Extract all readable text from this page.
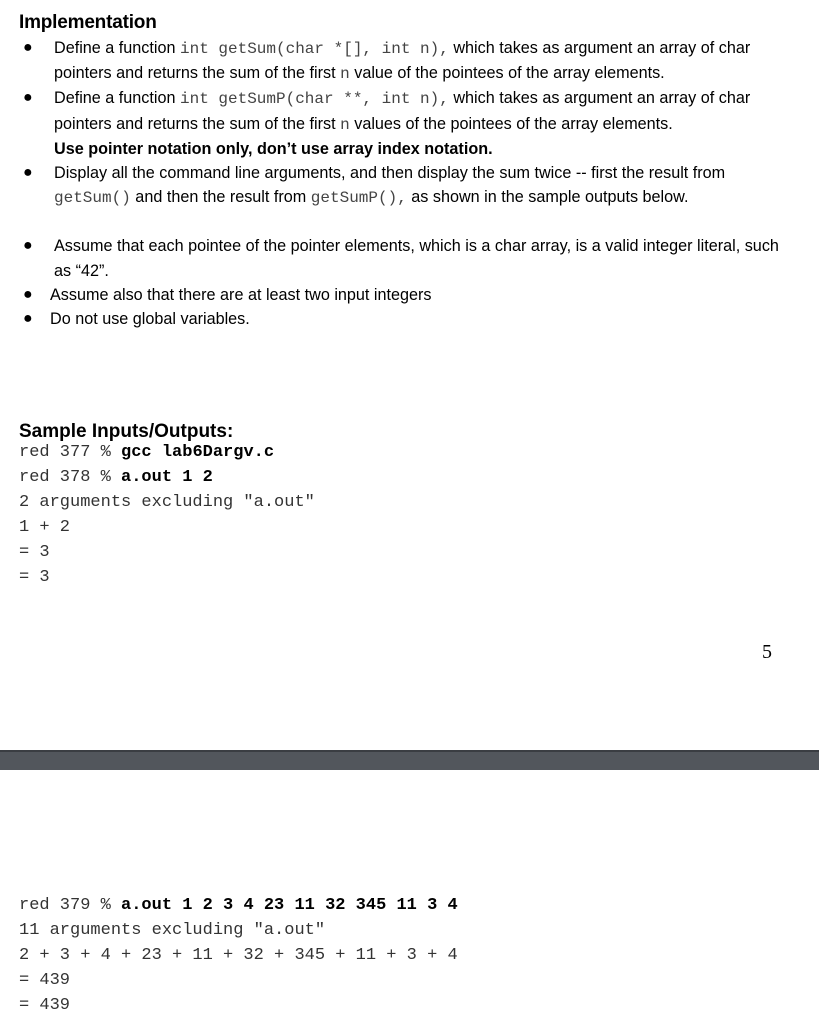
Implementation
● Define a function int getSum(char *[], int n), which takes as argument an array of char pointers and returns the sum of the first n value of the pointees of the array elements.
● Define a function int getSumP(char **, int n), which takes as argument an array of char pointers and returns the sum of the first n values of the pointees of the array elements.
Use pointer notation only, don’t use array index notation.
● Display all the command line arguments, and then display the sum twice -- first the result from getSum() and then the result from getSumP(), as shown in the sample outputs below.
● Assume that each pointee of the pointer elements, which is a char array, is a valid integer literal, such as “42”.
● Assume also that there are at least two input integers
● Do not use global variables.
Sample Inputs/Outputs:
red 377 % gcc lab6Dargv.c
red 378 % a.out 1 2
2 arguments excluding "a.out"
1 + 2
= 3
= 3
5
red 379 % a.out 1 2 3 4 23 11 32 345 11 3 4
11 arguments excluding "a.out"
2 + 3 + 4 + 23 + 11 + 32 + 345 + 11 + 3 + 4
= 439
= 439
